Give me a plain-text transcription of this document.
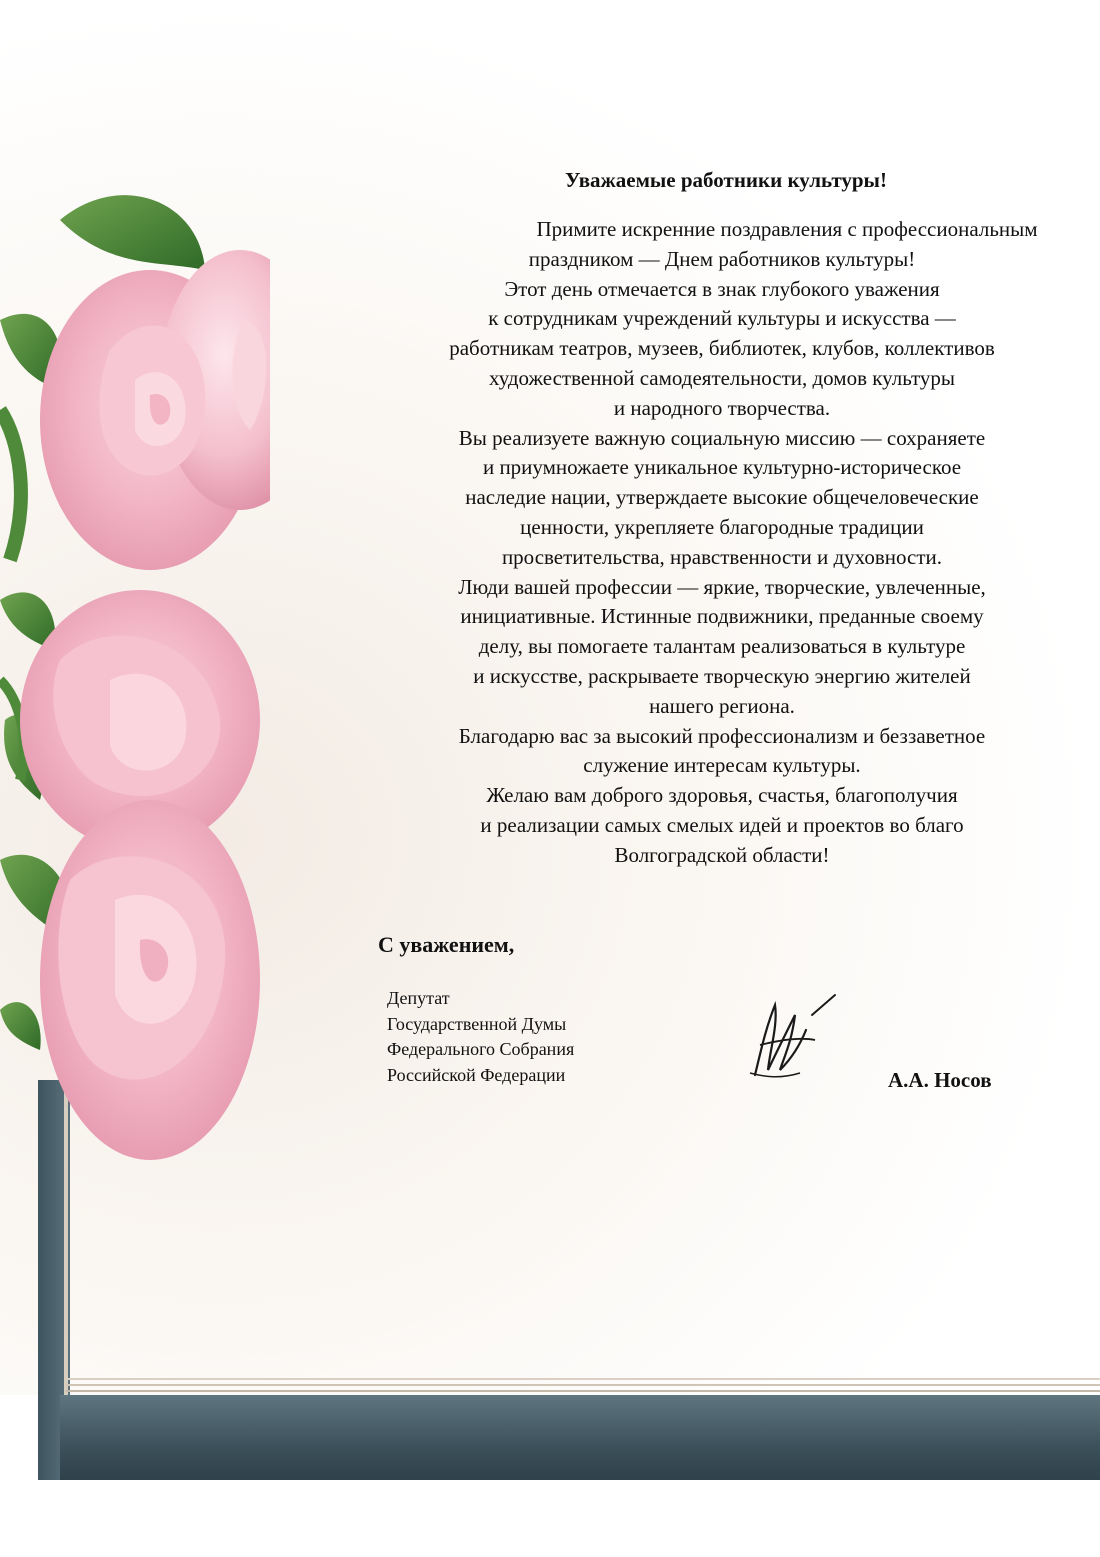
Уважаемые работники культуры!
Примите искренние поздравления с профессиональным
праздником — Днем работников культуры!
Этот день отмечается в знак глубокого уважения
к сотрудникам учреждений культуры и искусства —
работникам театров, музеев, библиотек, клубов, коллективов
художественной самодеятельности, домов культуры
и народного творчества.
Вы реализуете важную социальную миссию — сохраняете
и приумножаете уникальное культурно-историческое
наследие нации, утверждаете высокие общечеловеческие
ценности, укрепляете благородные традиции
просветительства, нравственности и духовности.
Люди вашей профессии — яркие, творческие, увлеченные,
инициативные. Истинные подвижники, преданные своему
делу, вы помогаете талантам реализоваться в культуре
и искусстве, раскрываете творческую энергию жителей
нашего региона.
Благодарю вас за высокий профессионализм и беззаветное
служение интересам культуры.
Желаю вам доброго здоровья, счастья, благополучия
и реализации самых смелых идей и проектов во благо
Волгоградской области!
С уважением,
Депутат
Государственной Думы
Федерального Собрания
Российской Федерации	А.А. Носов
